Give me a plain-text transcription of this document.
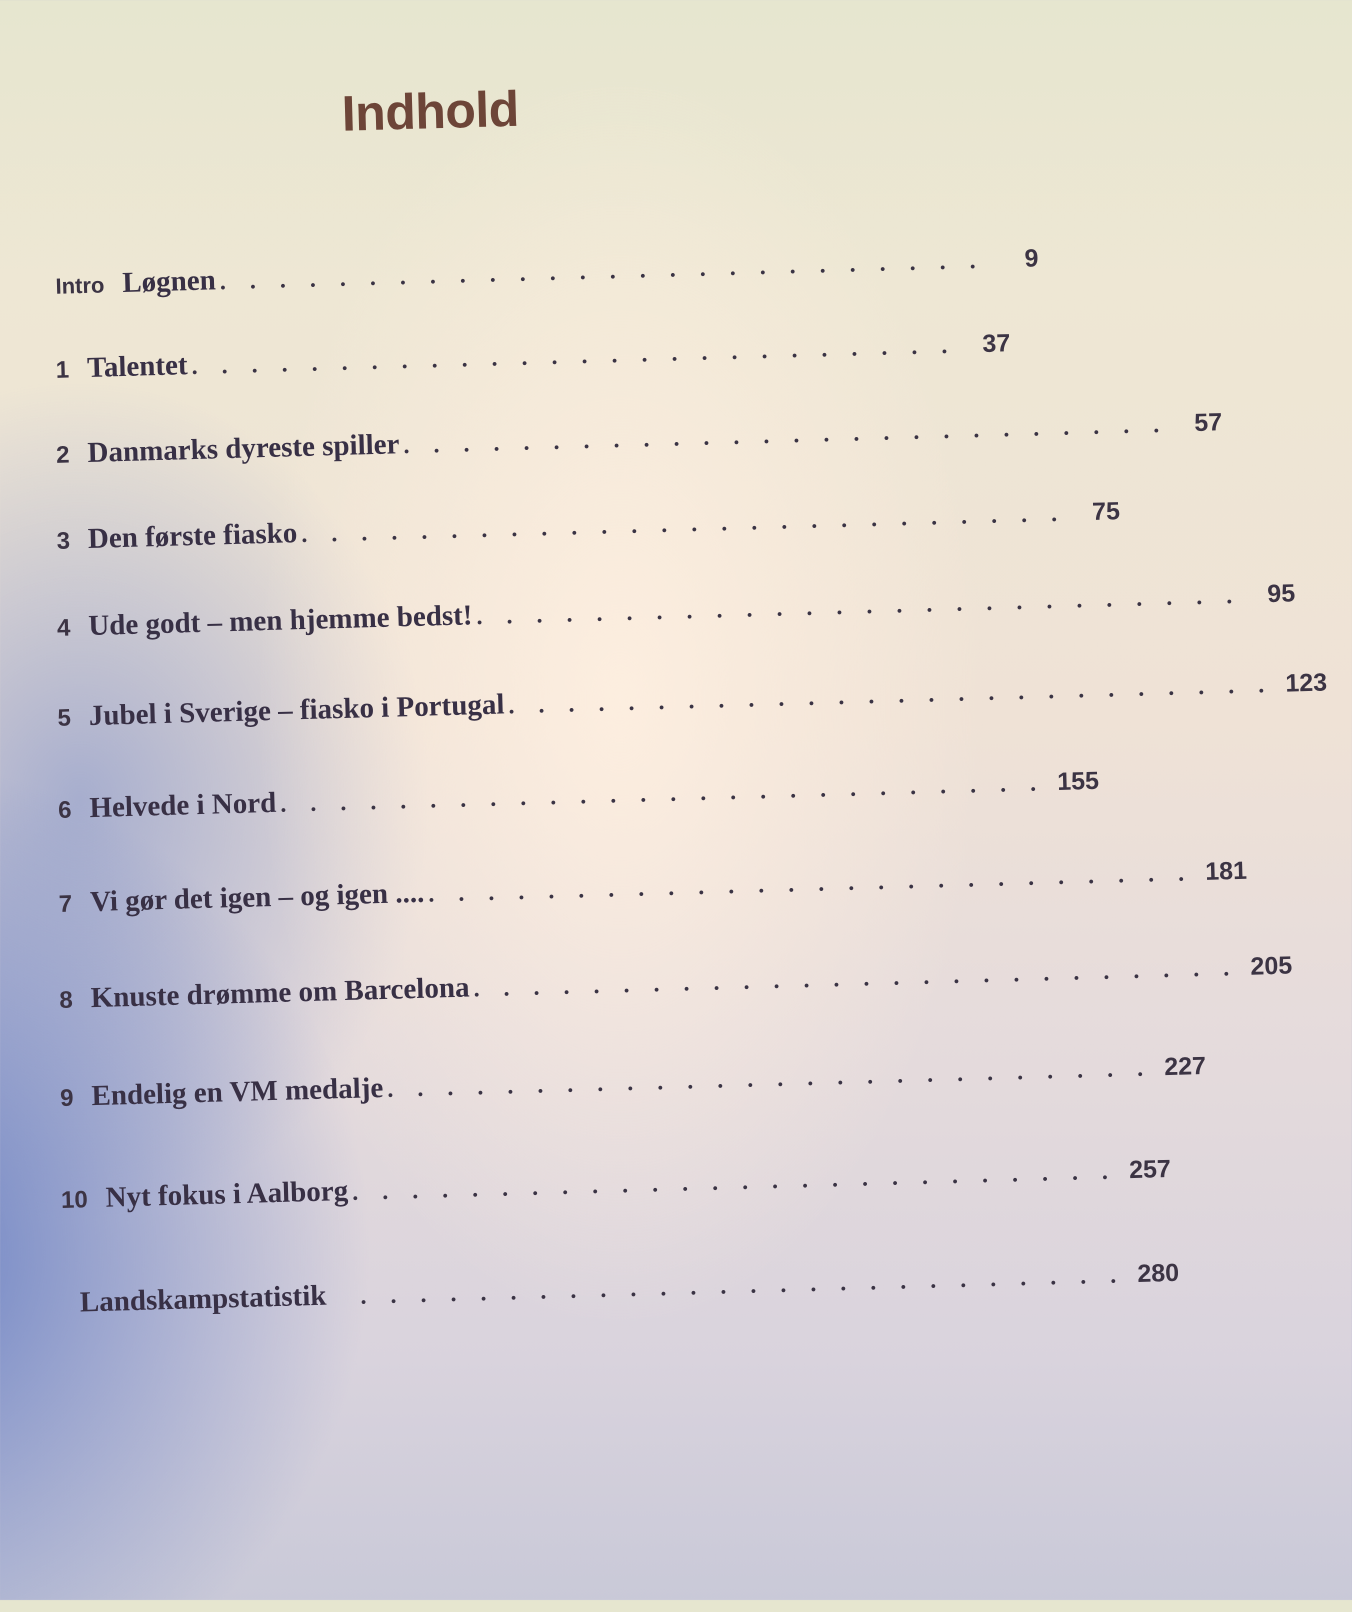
Indhold
Intro Løgnen . . . . . . . . . . . . . . . . . . . . . . . . . .	9
1 Talentet . . . . . . . . . . . . . . . . . . . . . . . . . .	37
2 Danmarks dyreste spiller . . . . . . . . . . . . . . . . . . . . . . . . . .	57
3 Den første fiasko . . . . . . . . . . . . . . . . . . . . . . . . . .	75
4 Ude godt – men hjemme bedst! . . . . . . . . . . . . . . . . . . . . . . . . . .	95
5 Jubel i Sverige – fiasko i Portugal . . . . . . . . . . . . . . . . . . . . . . . . . . 123
6 Helvede i Nord . . . . . . . . . . . . . . . . . . . . . . . . . . 155
7 Vi gør det igen – og igen .... . . . . . . . . . . . . . . . . . . . . . . . . . . 181
8 Knuste drømme om Barcelona . . . . . . . . . . . . . . . . . . . . . . . . . . 205
9 Endelig en VM medalje . . . . . . . . . . . . . . . . . . . . . . . . . . 227
10 Nyt fokus i Aalborg . . . . . . . . . . . . . . . . . . . . . . . . . . 257
Landskampstatistik . . . . . . . . . . . . . . . . . . . . . . . . . . 280
